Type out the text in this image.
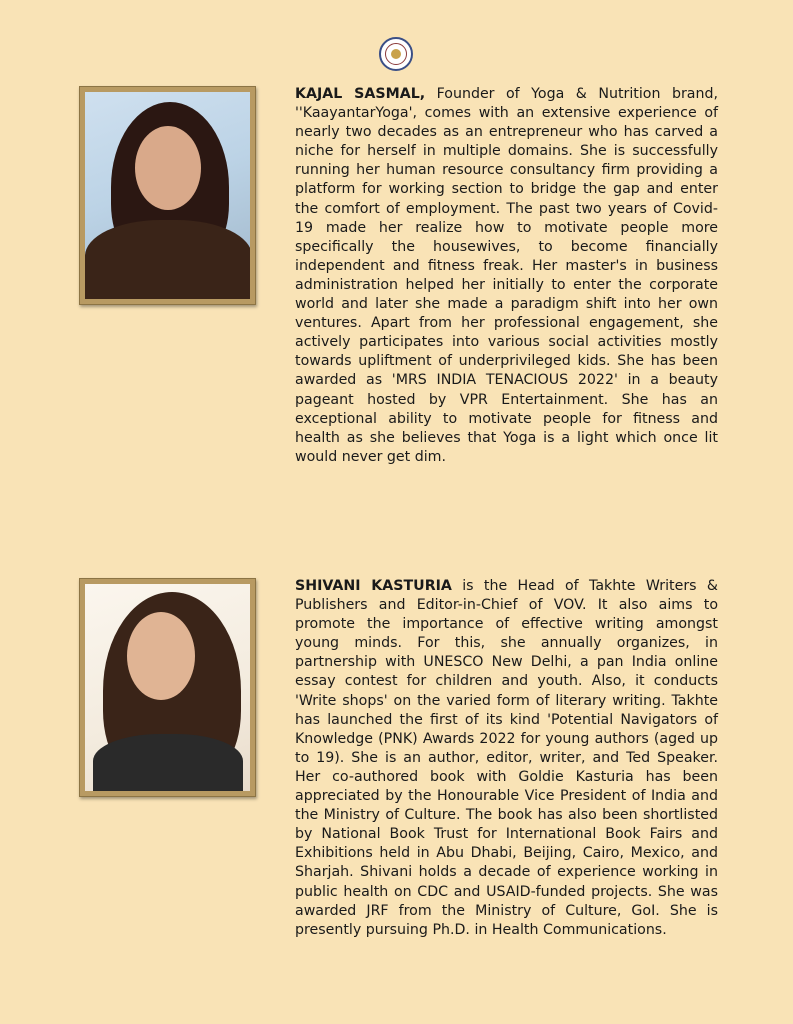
KAJAL SASMAL, Founder of Yoga & Nutrition brand, ''KaayantarYoga', comes with an extensive experience of nearly two decades as an entrepreneur who has carved a niche for herself in multiple domains. She is successfully running her human resource consultancy firm providing a platform for working section to bridge the gap and enter the comfort of employment. The past two years of Covid-19 made her realize how to motivate people more specifically the housewives, to become financially independent and fitness freak. Her master's in business administration helped her initially to enter the corporate world and later she made a paradigm shift into her own ventures. Apart from her professional engagement, she actively participates into various social activities mostly towards upliftment of underprivileged kids. She has been awarded as 'MRS INDIA TENACIOUS 2022' in a beauty pageant hosted by VPR Entertainment. She has an exceptional ability to motivate people for fitness and health as she believes that Yoga is a light which once lit would never get dim.

SHIVANI KASTURIA is the Head of Takhte Writers & Publishers and Editor-in-Chief of VOV. It also aims to promote the importance of effective writing amongst young minds. For this, she annually organizes, in partnership with UNESCO New Delhi, a pan India online essay contest for children and youth. Also, it conducts 'Write shops' on the varied form of literary writing. Takhte has launched the first of its kind 'Potential Navigators of Knowledge (PNK) Awards 2022 for young authors (aged up to 19). She is an author, editor, writer, and Ted Speaker. Her co-authored book with Goldie Kasturia has been appreciated by the Honourable Vice President of India and the Ministry of Culture. The book has also been shortlisted by National Book Trust for International Book Fairs and Exhibitions held in Abu Dhabi, Beijing, Cairo, Mexico, and Sharjah. Shivani holds a decade of experience working in public health on CDC and USAID-funded projects. She was awarded JRF from the Ministry of Culture, GoI. She is presently pursuing Ph.D. in Health Communications.
